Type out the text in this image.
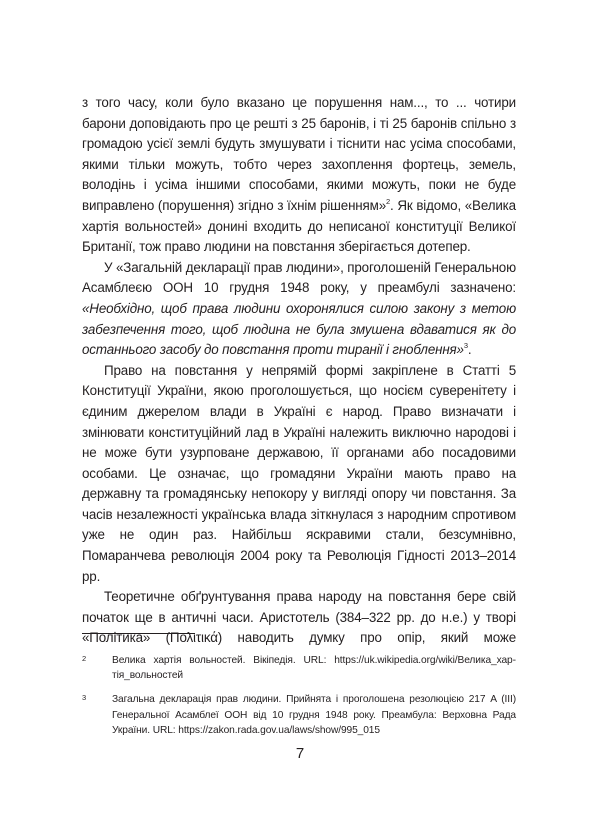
з того часу, коли було вказано це порушення нам..., то ... чотири барони доповідають про це решті з 25 баронів, і ті 25 баронів спільно з громадою усієї землі будуть змушувати і тіснити нас усіма способами, якими тільки можуть, тобто через захоплення фортець, земель, володінь і усіма іншими способами, якими можуть, поки не буде виправлено (порушення) згідно з їхнім рішенням»$^2$. Як відомо, «Велика хартія вольностей» донині входить до неписаної конституції Великої Британії, тож право людини на повстання зберігається дотепер.

У «Загальній декларації прав людини», проголошеній Генеральною Асамблеєю ООН 10 грудня 1948 року, у преамбулі зазначено: «Необхідно, щоб права людини охоронялися силою закону з метою забезпечення того, щоб людина не була змушена вдаватися як до останнього засобу до повстання проти тиранії і гноблення»$^3$.

Право на повстання у непрямій формі закріплене в Статті 5 Конституції України, якою проголошується, що носієм суверенітету і єдиним джерелом влади в Україні є народ. Право визначати і змінювати конституційний лад в Україні належить виключно народові і не може бути узурповане державою, її органами або посадовими особами. Це означає, що громадяни України мають право на державну та громадянську непокору у вигляді опору чи повстання. За часів незалежності українська влада зіткнулася з народним спротивом уже не один раз. Найбільш яскравими стали, безсумнівно, Помаранчева революція 2004 року та Революція Гідності 2013–2014 рр.

Теоретичне обґрунтування права народу на повстання бере свій початок ще в античні часи. Аристотель (384–322 рр. до н.е.) у творі «Політика» (Πολιτικά) наводить думку про опір, який може

2	Велика хартія вольностей. Вікіпедія. URL: https://uk.wikipedia.org/wiki/Велика_хартія_вольностей
3	Загальна декларація прав людини. Прийнята і проголошена резолюцією 217 A (III) Генеральної Асамблеї ООН від 10 грудня 1948 року. Преамбула: Верховна Рада України. URL: https://zakon.rada.gov.ua/laws/show/995_015
7
